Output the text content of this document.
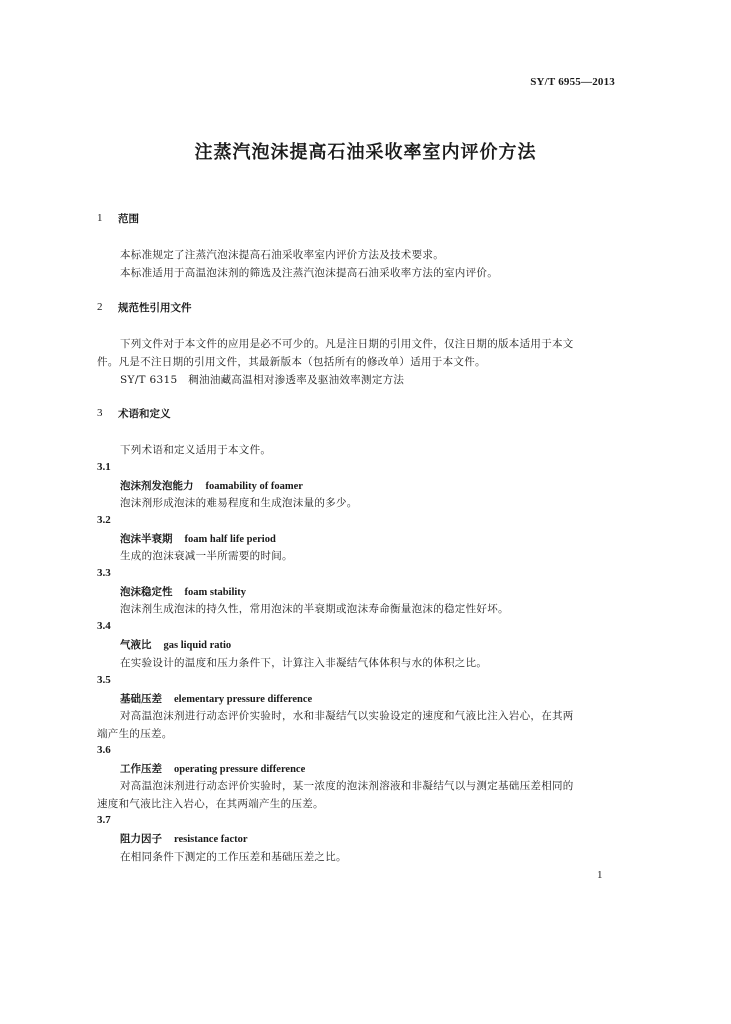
SY/T 6955—2013
注蒸汽泡沫提高石油采收率室内评价方法
1 范围
本标准规定了注蒸汽泡沫提高石油采收率室内评价方法及技术要求。
本标准适用于高温泡沫剂的筛选及注蒸汽泡沫提高石油采收率方法的室内评价。
2 规范性引用文件
下列文件对于本文件的应用是必不可少的。凡是注日期的引用文件，仅注日期的版本适用于本文
件。凡是不注日期的引用文件，其最新版本（包括所有的修改单）适用于本文件。
SY/T 6315　稠油油藏高温相对渗透率及驱油效率测定方法
3 术语和定义
下列术语和定义适用于本文件。
3.1
泡沫剂发泡能力 foamability of foamer
泡沫剂形成泡沫的难易程度和生成泡沫量的多少。
3.2
泡沫半衰期 foam half life period
生成的泡沫衰减一半所需要的时间。
3.3
泡沫稳定性 foam stability
泡沫剂生成泡沫的持久性，常用泡沫的半衰期或泡沫寿命衡量泡沫的稳定性好坏。
3.4
气液比 gas liquid ratio
在实验设计的温度和压力条件下，计算注入非凝结气体体积与水的体积之比。
3.5
基础压差 elementary pressure difference
对高温泡沫剂进行动态评价实验时，水和非凝结气以实验设定的速度和气液比注入岩心，在其两
端产生的压差。
3.6
工作压差 operating pressure difference
对高温泡沫剂进行动态评价实验时，某一浓度的泡沫剂溶液和非凝结气以与测定基础压差相同的
速度和气液比注入岩心，在其两端产生的压差。
3.7
阻力因子 resistance factor
在相同条件下测定的工作压差和基础压差之比。
1
